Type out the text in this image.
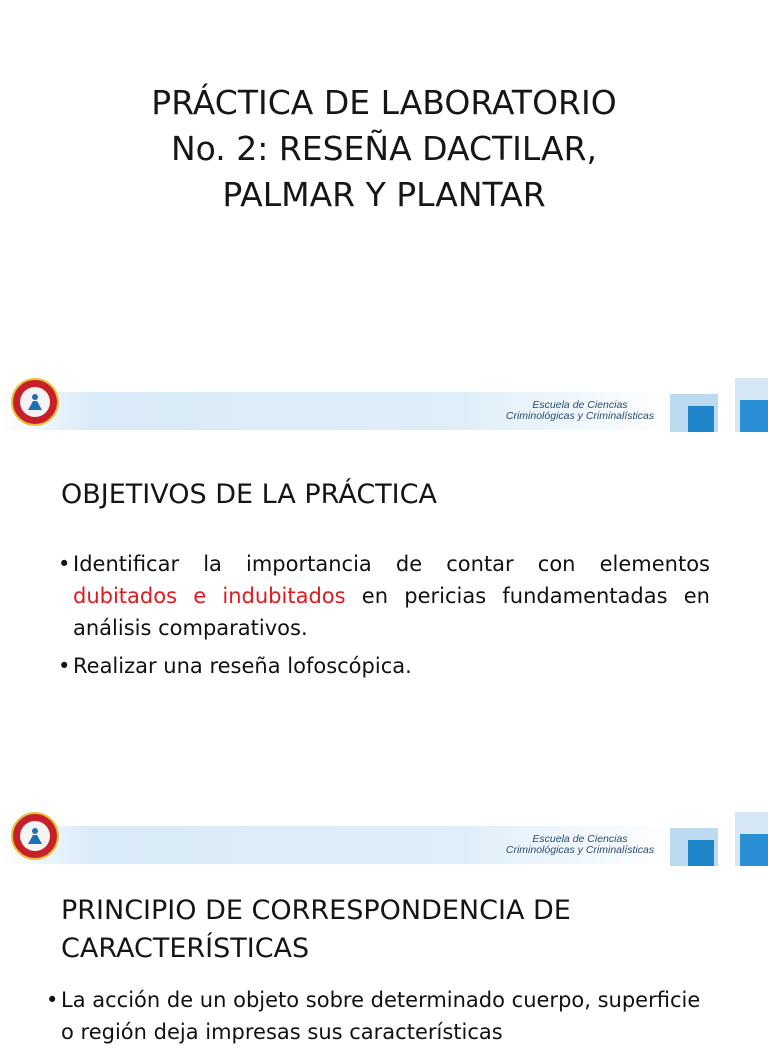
PRÁCTICA DE LABORATORIO
No. 2: RESEÑA DACTILAR,
PALMAR Y PLANTAR
Escuela de Ciencias
Criminológicas y Criminalísticas
OBJETIVOS DE LA PRÁCTICA
• Identificar la importancia de contar con elementos dubitados e indubitados en pericias fundamentadas en análisis comparativos.
• Realizar una reseña lofoscópica.
Escuela de Ciencias
Criminológicas y Criminalísticas
PRINCIPIO DE CORRESPONDENCIA DE
CARACTERÍSTICAS
• La acción de un objeto sobre determinado cuerpo, superficie o región deja impresas sus características
